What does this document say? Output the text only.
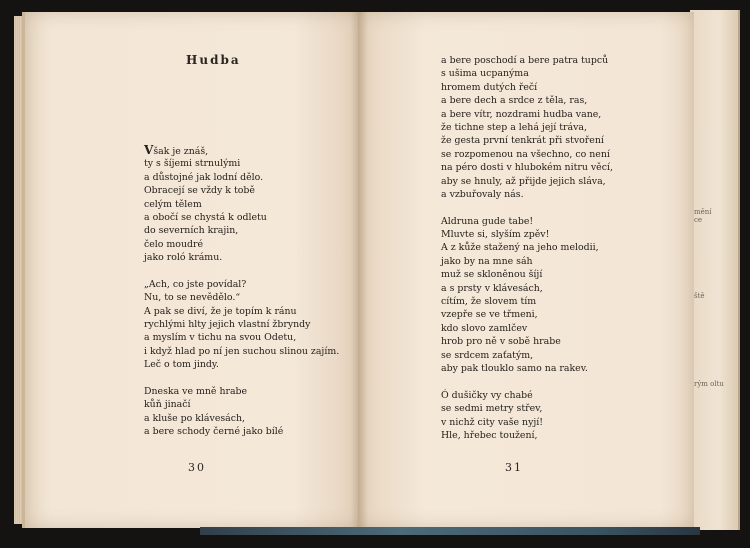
mění
ce
ště
rým oltu
Hudba
Však je znáš,
ty s šíjemi strnulými
a důstojné jak lodní dělo.
Obracejí se vždy k tobě
celým tělem
a obočí se chystá k odletu
do severních krajin,
čelo moudré
jako roló krámu.
„Ach, co jste povídal?
Nu, to se nevědělo.“
A pak se diví, že je topím k ránu
rychlými hlty jejich vlastní žbryndy
a myslím v tichu na svou Odetu,
i když hlad po ní jen suchou slinou zajím.
Leč o tom jindy.
Dneska ve mně hrabe
kůň jinačí
a kluše po klávesách,
a bere schody černé jako bílé
a bere poschodí a bere patra tupců
s ušima ucpanýma
hromem dutých řečí
a bere dech a srdce z těla, ras,
a bere vítr, nozdrami hudba vane,
že tichne step a lehá její tráva,
že gesta první tenkrát při stvoření
se rozpomenou na všechno, co není
na péro dosti v hlubokém nitru věcí,
aby se hnuly, až přijde jejich sláva,
a vzbuřovaly nás.
Aldruna gude tabe!
Mluvte si, slyším zpěv!
A z kůže stažený na jeho melodii,
jako by na mne sáh
muž se skloněnou šíjí
a s prsty v klávesách,
cítím, že slovem tím
vzepře se ve třmeni,
kdo slovo zamlčev
hrob pro ně v sobě hrabe
se srdcem zaťatým,
aby pak tlouklo samo na rakev.
Ó dušičky vy chabé
se sedmi metry střev,
v nichž city vaše nyjí!
Hle, hřebec toužení,
30	31
